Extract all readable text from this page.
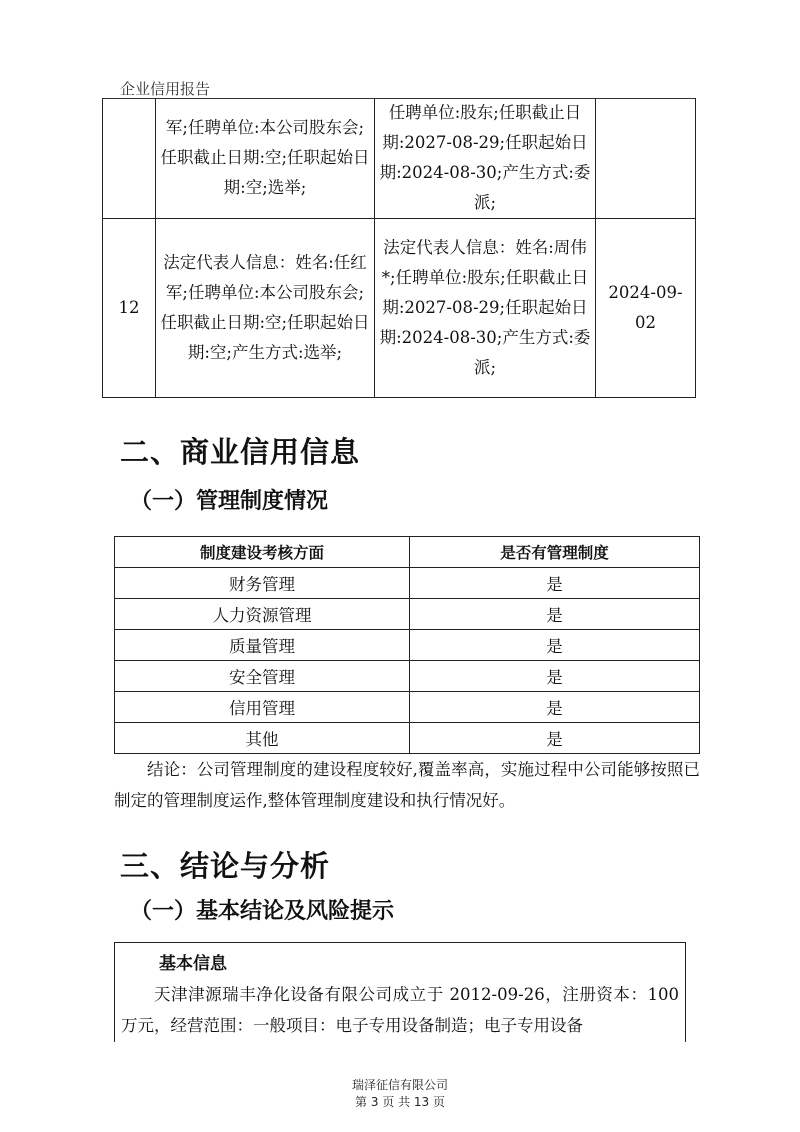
企业信用报告
	军;任聘单位:本公司股东会;任职截止日期:空;任职起始日期:空;选举;	任聘单位:股东;任职截止日期:2027-08-29;任职起始日期:2024-08-30;产生方式:委派;	
12	法定代表人信息：姓名:任红军;任聘单位:本公司股东会;任职截止日期:空;任职起始日期:空;产生方式:选举;	法定代表人信息：姓名:周伟*;任聘单位:股东;任职截止日期:2027-08-29;任职起始日期:2024-08-30;产生方式:委派;	2024-09-02
二、商业信用信息
（一）管理制度情况
制度建设考核方面	是否有管理制度
财务管理	是
人力资源管理	是
质量管理	是
安全管理	是
信用管理	是
其他	是

结论：公司管理制度的建设程度较好,覆盖率高，实施过程中公司能够按照已制定的管理制度运作,整体管理制度建设和执行情况好。

三、结论与分析
（一）基本结论及风险提示
基本信息

天津津源瑞丰净化设备有限公司成立于 2012-09-26，注册资本：100 万元，经营范围：一般项目：电子专用设备制造；电子专用设备

瑞泽征信有限公司
第 3 页 共 13 页
